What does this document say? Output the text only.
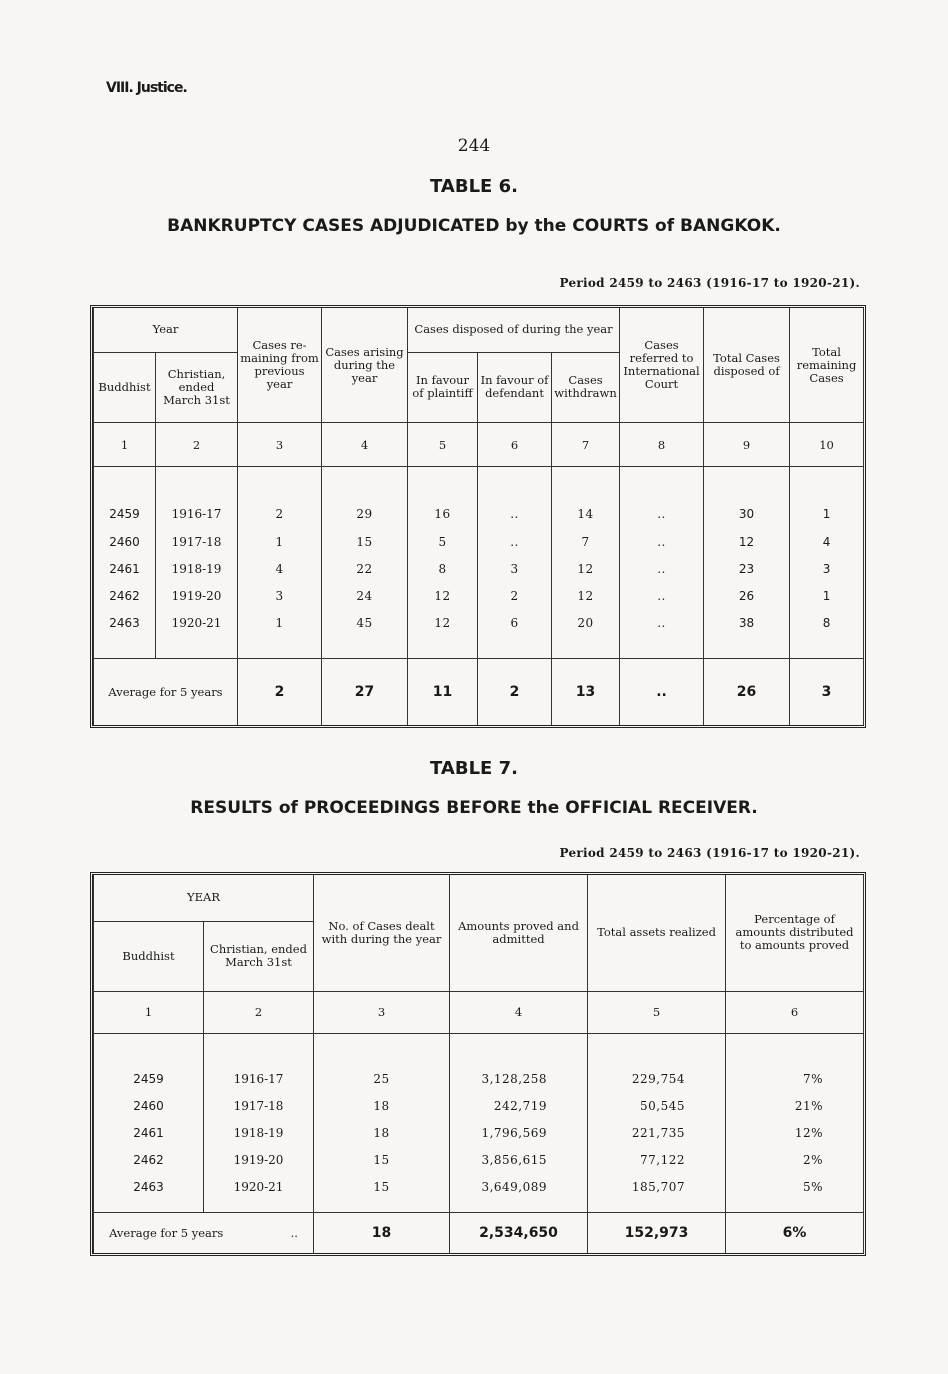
VIII. Justice.
244
TABLE 6.
BANKRUPTCY CASES ADJUDICATED by the COURTS of BANGKOK.
Period 2459 to 2463 (1916-17 to 1920-21).
Year		Cases re-maining from previous year	Cases arising during the year	Cases disposed of during the year			Cases referred to International Court	Total Cases disposed of	Total remaining Cases
Buddhist	Christian, ended March 31st			In favour of plaintiff	In favour of defendant	Cases withdrawn			
1	2	3	4	5	6	7	8	9	10

2459	1916-17	2	29	16	..	14	..	30	1
2460	1917-18	1	15	5	..	7	..	12	4
2461	1918-19	4	22	8	3	12	..	23	3
2462	1919-20	3	24	12	2	12	..	26	1
2463	1920-21	1	45	12	6	20	..	38	8

Average for 5 years		2	27	11	2	13	..	26	3
TABLE 7.
RESULTS of PROCEEDINGS BEFORE the OFFICIAL RECEIVER.
Period 2459 to 2463 (1916-17 to 1920-21).
YEAR		No. of Cases dealt with during the year	Amounts proved and admitted	Total assets realized	Percentage of amounts distributed to amounts proved
Buddhist	Christian, ended March 31st				
1	2	3	4	5	6

2459	1916-17	25	3,128,258	229,754	7%
2460	1917-18	18	242,719	50,545	21%
2461	1918-19	18	1,796,569	221,735	12%
2462	1919-20	15	3,856,615	77,122	2%
2463	1920-21	15	3,649,089	185,707	5%

Average for 5 years ..		18	2,534,650	152,973	6%
